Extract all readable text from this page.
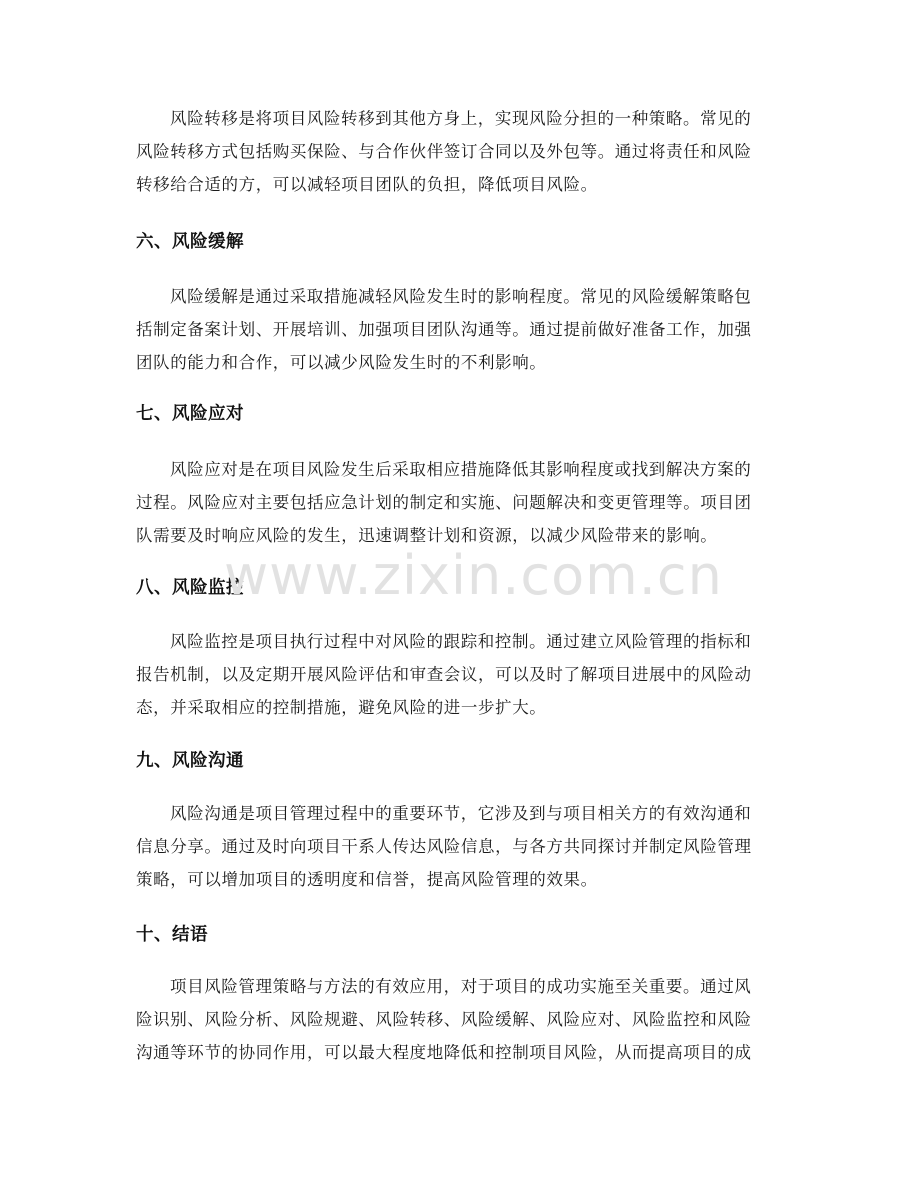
风险转移是将项目风险转移到其他方身上，实现风险分担的一种策略。常见的
风险转移方式包括购买保险、与合作伙伴签订合同以及外包等。通过将责任和风险
转移给合适的方，可以减轻项目团队的负担，降低项目风险。

六、风险缓解

风险缓解是通过采取措施减轻风险发生时的影响程度。常见的风险缓解策略包
括制定备案计划、开展培训、加强项目团队沟通等。通过提前做好准备工作，加强
团队的能力和合作，可以减少风险发生时的不利影响。

七、风险应对

风险应对是在项目风险发生后采取相应措施降低其影响程度或找到解决方案的
过程。风险应对主要包括应急计划的制定和实施、问题解决和变更管理等。项目团
队需要及时响应风险的发生，迅速调整计划和资源，以减少风险带来的影响。

八、风险监控

风险监控是项目执行过程中对风险的跟踪和控制。通过建立风险管理的指标和
报告机制，以及定期开展风险评估和审查会议，可以及时了解项目进展中的风险动
态，并采取相应的控制措施，避免风险的进一步扩大。

九、风险沟通

风险沟通是项目管理过程中的重要环节，它涉及到与项目相关方的有效沟通和
信息分享。通过及时向项目干系人传达风险信息，与各方共同探讨并制定风险管理
策略，可以增加项目的透明度和信誉，提高风险管理的效果。

十、结语

项目风险管理策略与方法的有效应用，对于项目的成功实施至关重要。通过风
险识别、风险分析、风险规避、风险转移、风险缓解、风险应对、风险监控和风险
沟通等环节的协同作用，可以最大程度地降低和控制项目风险，从而提高项目的成

www.zixin.com.cn
